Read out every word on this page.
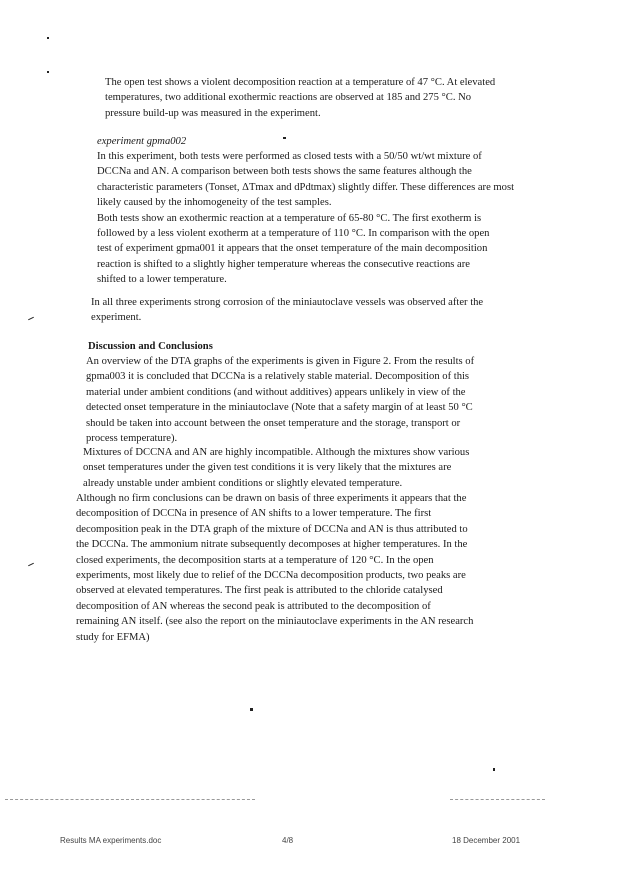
The open test shows a violent decomposition reaction at a temperature of 47 °C. At elevated
temperatures, two additional exothermic reactions are observed at 185 and 275 °C. No
pressure build-up was measured in the experiment.
experiment gpma002
In this experiment, both tests were performed as closed tests with a 50/50 wt/wt mixture of
DCCNa and AN. A comparison between both tests shows the same features although the
characteristic parameters (Tonset, ΔTmax and dPdtmax) slightly differ. These differences are most
likely caused by the inhomogeneity of the test samples.
Both tests show an exothermic reaction at a temperature of 65-80 °C. The first exotherm is
followed by a less violent exotherm at a temperature of 110 °C. In comparison with the open
test of experiment gpma001 it appears that the onset temperature of the main decomposition
reaction is shifted to a slightly higher temperature whereas the consecutive reactions are
shifted to a lower temperature.
In all three experiments strong corrosion of the miniautoclave vessels was observed after the
experiment.
Discussion and Conclusions
An overview of the DTA graphs of the experiments is given in Figure 2. From the results of
gpma003 it is concluded that DCCNa is a relatively stable material. Decomposition of this
material under ambient conditions (and without additives) appears unlikely in view of the
detected onset temperature in the miniautoclave (Note that a safety margin of at least 50 °C
should be taken into account between the onset temperature and the storage, transport or
process temperature).
Mixtures of DCCNA and AN are highly incompatible. Although the mixtures show various
onset temperatures under the given test conditions it is very likely that the mixtures are
already unstable under ambient conditions or slightly elevated temperature.
Although no firm conclusions can be drawn on basis of three experiments it appears that the
decomposition of DCCNa in presence of AN shifts to a lower temperature. The first
decomposition peak in the DTA graph of the mixture of DCCNa and AN is thus attributed to
the DCCNa. The ammonium nitrate subsequently decomposes at higher temperatures. In the
closed experiments, the decomposition starts at a temperature of 120 °C. In the open
experiments, most likely due to relief of the DCCNa decomposition products, two peaks are
observed at elevated temperatures. The first peak is attributed to the chloride catalysed
decomposition of AN whereas the second peak is attributed to the decomposition of
remaining AN itself. (see also the report on the miniautoclave experiments in the AN research
study for EFMA)
Results MA experiments.doc	4/8	18 December 2001
